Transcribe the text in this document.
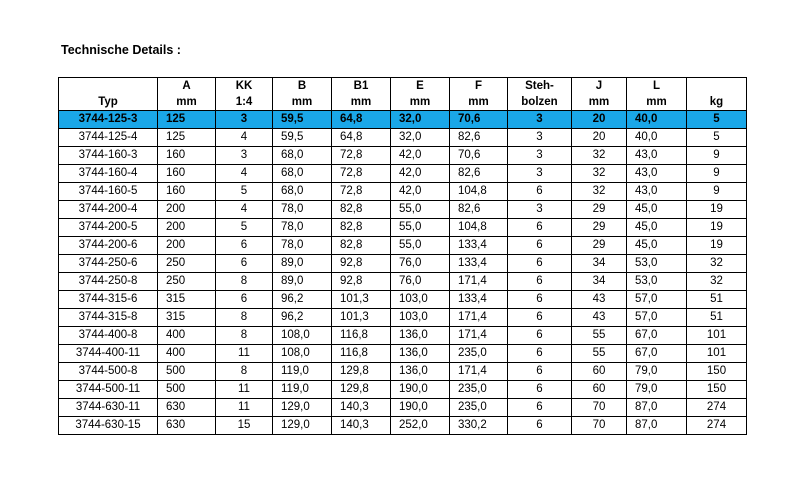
Technische Details :
	A	KK	B	B1	E	F	Steh-	J	L	
Typ	mm	1:4	mm	mm	mm	mm	bolzen	mm	mm	kg
3744-125-3	125	3	59,5	64,8	32,0	70,6	3	20	40,0	5
3744-125-4	125	4	59,5	64,8	32,0	82,6	3	20	40,0	5
3744-160-3	160	3	68,0	72,8	42,0	70,6	3	32	43,0	9
3744-160-4	160	4	68,0	72,8	42,0	82,6	3	32	43,0	9
3744-160-5	160	5	68,0	72,8	42,0	104,8	6	32	43,0	9
3744-200-4	200	4	78,0	82,8	55,0	82,6	3	29	45,0	19
3744-200-5	200	5	78,0	82,8	55,0	104,8	6	29	45,0	19
3744-200-6	200	6	78,0	82,8	55,0	133,4	6	29	45,0	19
3744-250-6	250	6	89,0	92,8	76,0	133,4	6	34	53,0	32
3744-250-8	250	8	89,0	92,8	76,0	171,4	6	34	53,0	32
3744-315-6	315	6	96,2	101,3	103,0	133,4	6	43	57,0	51
3744-315-8	315	8	96,2	101,3	103,0	171,4	6	43	57,0	51
3744-400-8	400	8	108,0	116,8	136,0	171,4	6	55	67,0	101
3744-400-11	400	11	108,0	116,8	136,0	235,0	6	55	67,0	101
3744-500-8	500	8	119,0	129,8	136,0	171,4	6	60	79,0	150
3744-500-11	500	11	119,0	129,8	190,0	235,0	6	60	79,0	150
3744-630-11	630	11	129,0	140,3	190,0	235,0	6	70	87,0	274
3744-630-15	630	15	129,0	140,3	252,0	330,2	6	70	87,0	274
